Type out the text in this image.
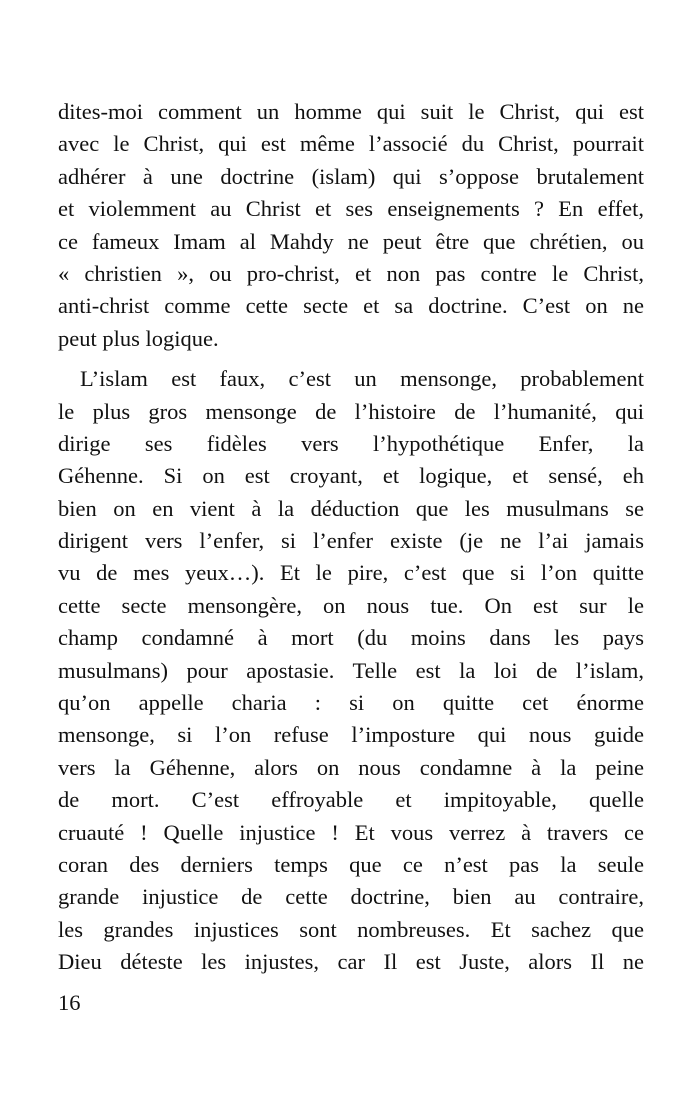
dites-moi comment un homme qui suit le Christ, qui est
avec le Christ, qui est même l’associé du Christ, pourrait
adhérer à une doctrine (islam) qui s’oppose brutalement
et violemment au Christ et ses enseignements ? En effet,
ce fameux Imam al Mahdy ne peut être que chrétien, ou
« christien », ou pro-christ, et non pas contre le Christ,
anti-christ comme cette secte et sa doctrine. C’est on ne
peut plus logique.
L’islam est faux, c’est un mensonge, probablement
le plus gros mensonge de l’histoire de l’humanité, qui
dirige ses fidèles vers l’hypothétique Enfer, la
Géhenne. Si on est croyant, et logique, et sensé, eh
bien on en vient à la déduction que les musulmans se
dirigent vers l’enfer, si l’enfer existe (je ne l’ai jamais
vu de mes yeux…). Et le pire, c’est que si l’on quitte
cette secte mensongère, on nous tue. On est sur le
champ condamné à mort (du moins dans les pays
musulmans) pour apostasie. Telle est la loi de l’islam,
qu’on appelle charia : si on quitte cet énorme
mensonge, si l’on refuse l’imposture qui nous guide
vers la Géhenne, alors on nous condamne à la peine
de mort. C’est effroyable et impitoyable, quelle
cruauté ! Quelle injustice ! Et vous verrez à travers ce
coran des derniers temps que ce n’est pas la seule
grande injustice de cette doctrine, bien au contraire,
les grandes injustices sont nombreuses. Et sachez que
Dieu déteste les injustes, car Il est Juste, alors Il ne
16
